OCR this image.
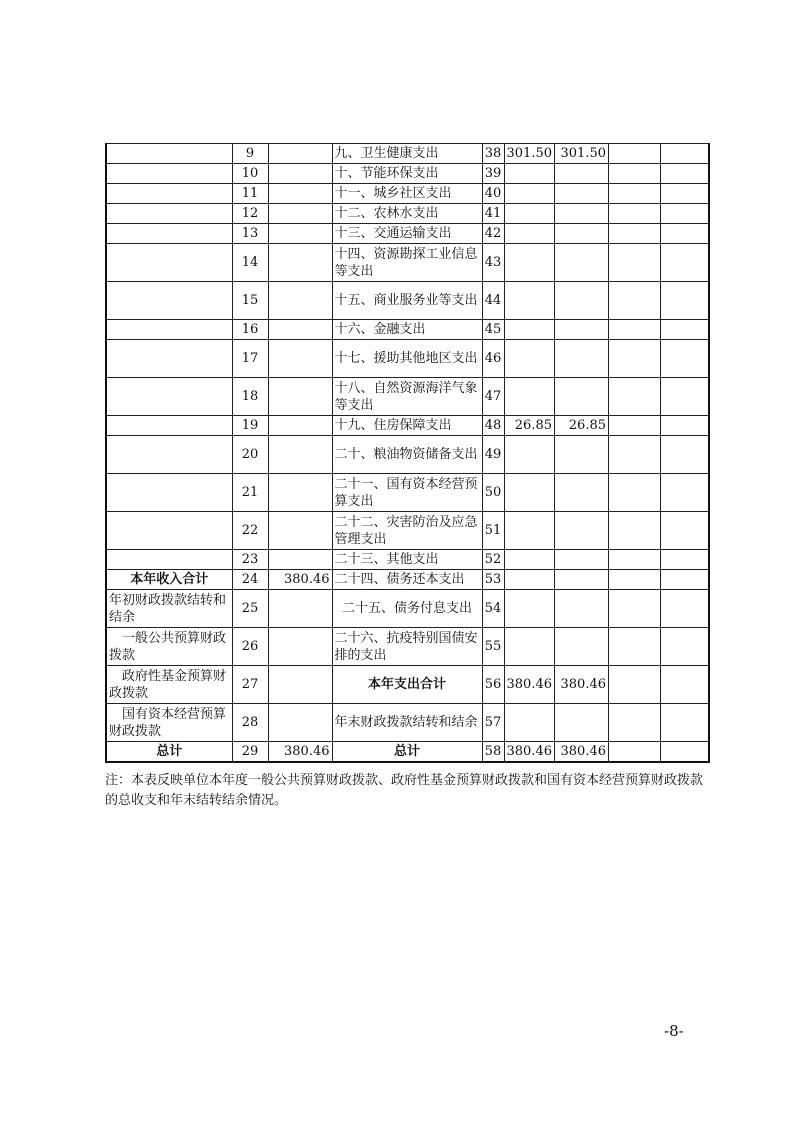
	9		九、卫生健康支出	38	301.50	301.50		
	10		十、节能环保支出	39				
	11		十一、城乡社区支出	40				
	12		十二、农林水支出	41				
	13		十三、交通运输支出	42				
	14		十四、资源勘探工业信息等支出	43				
	15		十五、商业服务业等支出	44				
	16		十六、金融支出	45				
	17		十七、援助其他地区支出	46				
	18		十八、自然资源海洋气象等支出	47				
	19		十九、住房保障支出	48	26.85	26.85		
	20		二十、粮油物资储备支出	49				
	21		二十一、国有资本经营预算支出	50				
	22		二十二、灾害防治及应急管理支出	51				
	23		二十三、其他支出	52				
本年收入合计	24	380.46	二十四、债务还本支出	53				
年初财政拨款结转和结余	25		二十五、债务付息支出	54				
一般公共预算财政拨款	26		二十六、抗疫特别国债安排的支出	55				
政府性基金预算财政拨款	27		本年支出合计	56	380.46	380.46		
国有资本经营预算财政拨款	28		年末财政拨款结转和结余	57				
总计	29	380.46	总计	58	380.46	380.46		
注：本表反映单位本年度一般公共预算财政拨款、政府性基金预算财政拨款和国有资本经营预算财政拨款的总收支和年末结转结余情况。
-8-
